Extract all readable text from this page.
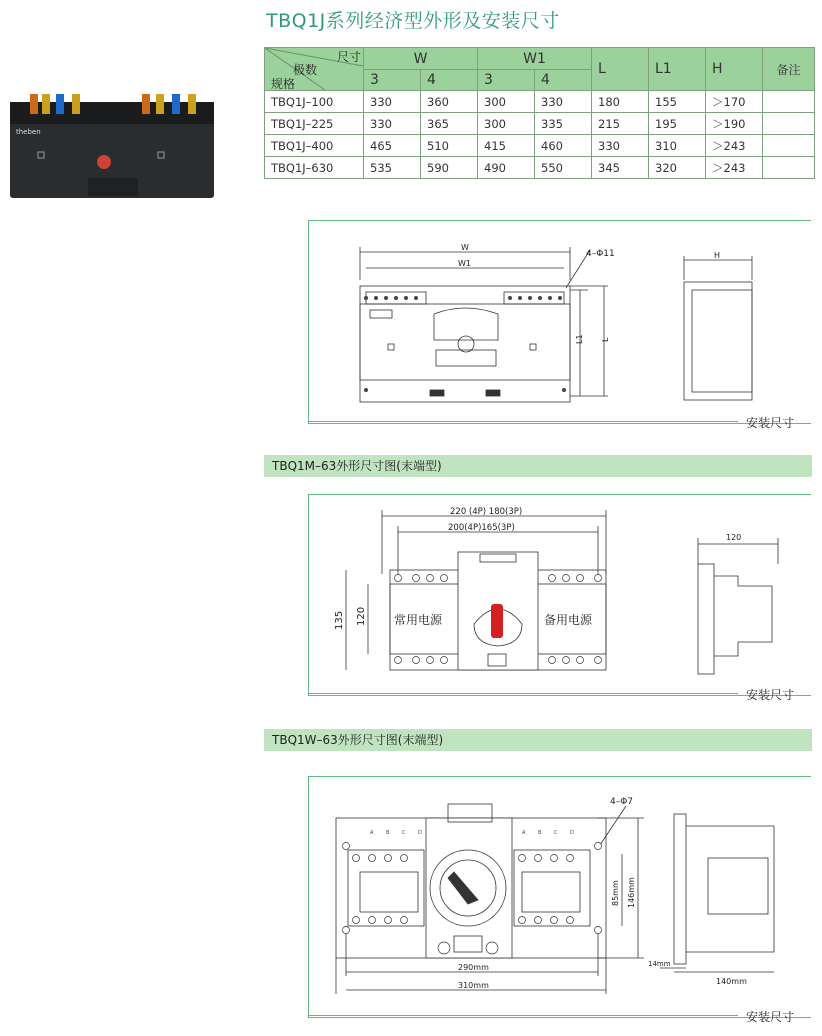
TBQ1J系列经济型外形及安装尺寸
theben
尺寸
极数
规格	W		W1		L	L1	H	备注
	3	4	3	4				
TBQ1J–100	330	360	300	330	180	155	＞170	
TBQ1J–225	330	365	300	335	215	195	＞190	
TBQ1J–400	465	510	415	460	330	310	＞243	
TBQ1J–630	535	590	490	550	345	320	＞243	
安装尺寸
W
W1
4–Φ11
L1 L
H
TBQ1M–63外形尺寸图(末端型)
安装尺寸
220 (4P) 180(3P)
200(4P)165(3P)
135 120 常用电源	备用电源
120
TBQ1W–63外形尺寸图(末端型)
安装尺寸
A	B	C	D	A	B	C	D
4–Φ7
85mm 146mm
290mm
310mm
14mm
140mm
